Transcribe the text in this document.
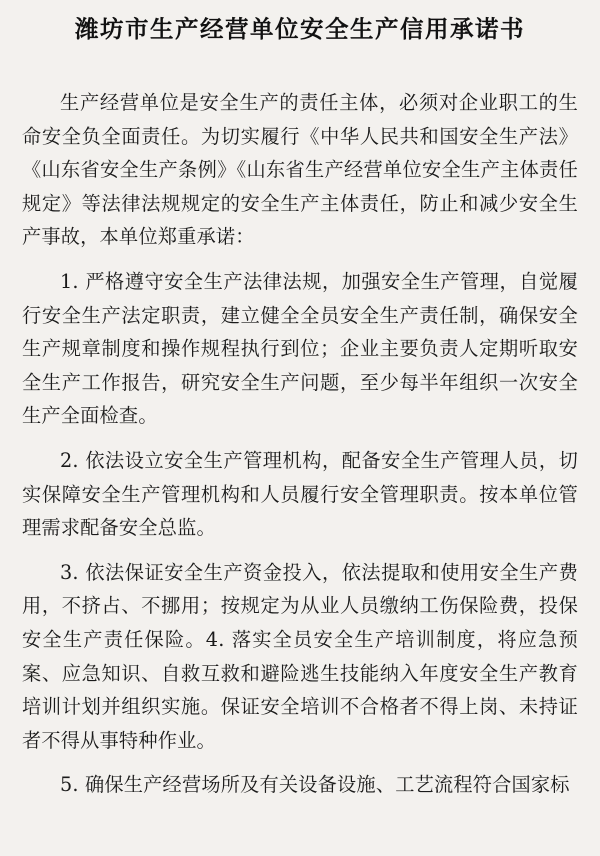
潍坊市生产经营单位安全生产信用承诺书

生产经营单位是安全生产的责任主体，必须对企业职工的生命安全负全面责任。为切实履行《中华人民共和国安全生产法》《山东省安全生产条例》《山东省生产经营单位安全生产主体责任规定》等法律法规规定的安全生产主体责任，防止和减少安全生产事故，本单位郑重承诺：

1. 严格遵守安全生产法律法规，加强安全生产管理，自觉履行安全生产法定职责，建立健全全员安全生产责任制，确保安全生产规章制度和操作规程执行到位；企业主要负责人定期听取安全生产工作报告，研究安全生产问题，至少每半年组织一次安全生产全面检查。

2. 依法设立安全生产管理机构，配备安全生产管理人员，切实保障安全生产管理机构和人员履行安全管理职责。按本单位管理需求配备安全总监。

3. 依法保证安全生产资金投入，依法提取和使用安全生产费用，不挤占、不挪用；按规定为从业人员缴纳工伤保险费，投保安全生产责任保险。4. 落实全员安全生产培训制度，将应急预案、应急知识、自救互救和避险逃生技能纳入年度安全生产教育培训计划并组织实施。保证安全培训不合格者不得上岗、未持证者不得从事特种作业。

5. 确保生产经营场所及有关设备设施、工艺流程符合国家标
